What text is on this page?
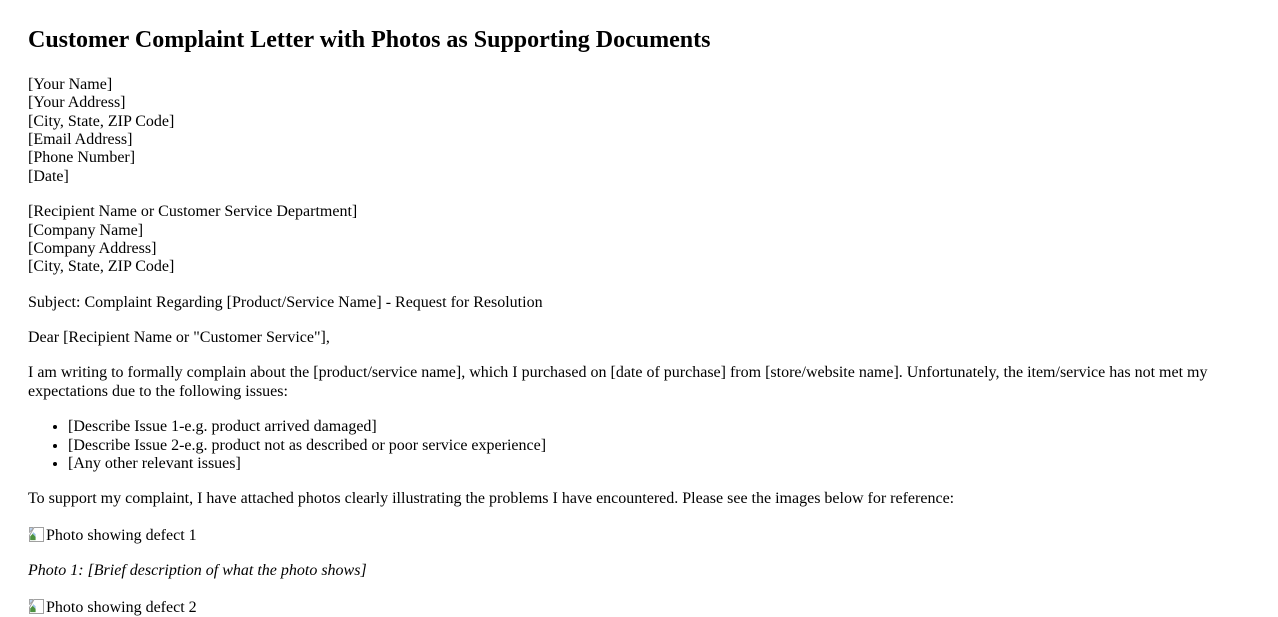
Customer Complaint Letter with Photos as Supporting Documents

[Your Name]
[Your Address]
[City, State, ZIP Code]
[Email Address]
[Phone Number]
[Date]

[Recipient Name or Customer Service Department]
[Company Name]
[Company Address]
[City, State, ZIP Code]

Subject: Complaint Regarding [Product/Service Name] - Request for Resolution

Dear [Recipient Name or "Customer Service"],

I am writing to formally complain about the [product/service name], which I purchased on [date of purchase] from [store/website name]. Unfortunately, the item/service has not met my expectations due to the following issues:

• [Describe Issue 1-e.g. product arrived damaged]
• [Describe Issue 2-e.g. product not as described or poor service experience]
• [Any other relevant issues]

To support my complaint, I have attached photos clearly illustrating the problems I have encountered. Please see the images below for reference:

Photo showing defect 1

Photo 1: [Brief description of what the photo shows]

Photo showing defect 2
